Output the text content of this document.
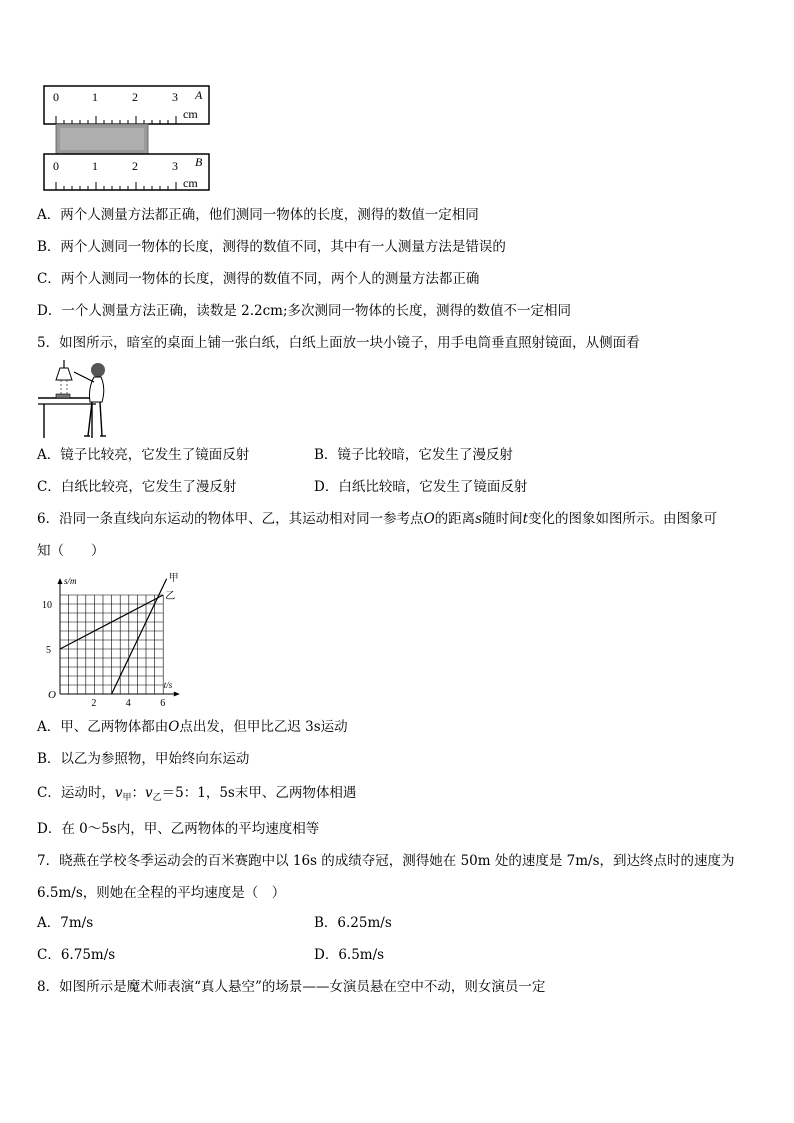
0	1	2	3 A
cm
0	1	2	3 B
cm
A．两个人测量方法都正确，他们测同一物体的长度，测得的数值一定相同
B．两个人测同一物体的长度，测得的数值不同，其中有一人测量方法是错误的
C．两个人测同一物体的长度，测得的数值不同，两个人的测量方法都正确
D．一个人测量方法正确，读数是 2.2cm;多次测同一物体的长度，测得的数值不一定相同
5．如图所示，暗室的桌面上铺一张白纸，白纸上面放一块小镜子，用手电筒垂直照射镜面，从侧面看
A．镜子比较亮，它发生了镜面反射	B．镜子比较暗，它发生了漫反射
C．白纸比较亮，它发生了漫反射	D．白纸比较暗，它发生了镜面反射
6．沿同一条直线向东运动的物体甲、乙，其运动相对同一参考点O的距离s随时间t变化的图象如图所示。由图象可
知（　　）
s/m
t/s
O
2	4	6
5
10
甲
乙
A．甲、乙两物体都由O点出发，但甲比乙迟 3s运动
B．以乙为参照物，甲始终向东运动
C．运动时，$v_甲$：$v_乙=5$：1，5s末甲、乙两物体相遇
D．在 0～5s内，甲、乙两物体的平均速度相等
7．晓燕在学校冬季运动会的百米赛跑中以 16s 的成绩夺冠，测得她在 50m 处的速度是 7m/s，到达终点时的速度为
6.5m/s，则她在全程的平均速度是（　）
A．7m/s	B．6.25m/s
C．6.75m/s	D．6.5m/s
8．如图所示是魔术师表演“真人悬空”的场景——女演员悬在空中不动，则女演员一定
